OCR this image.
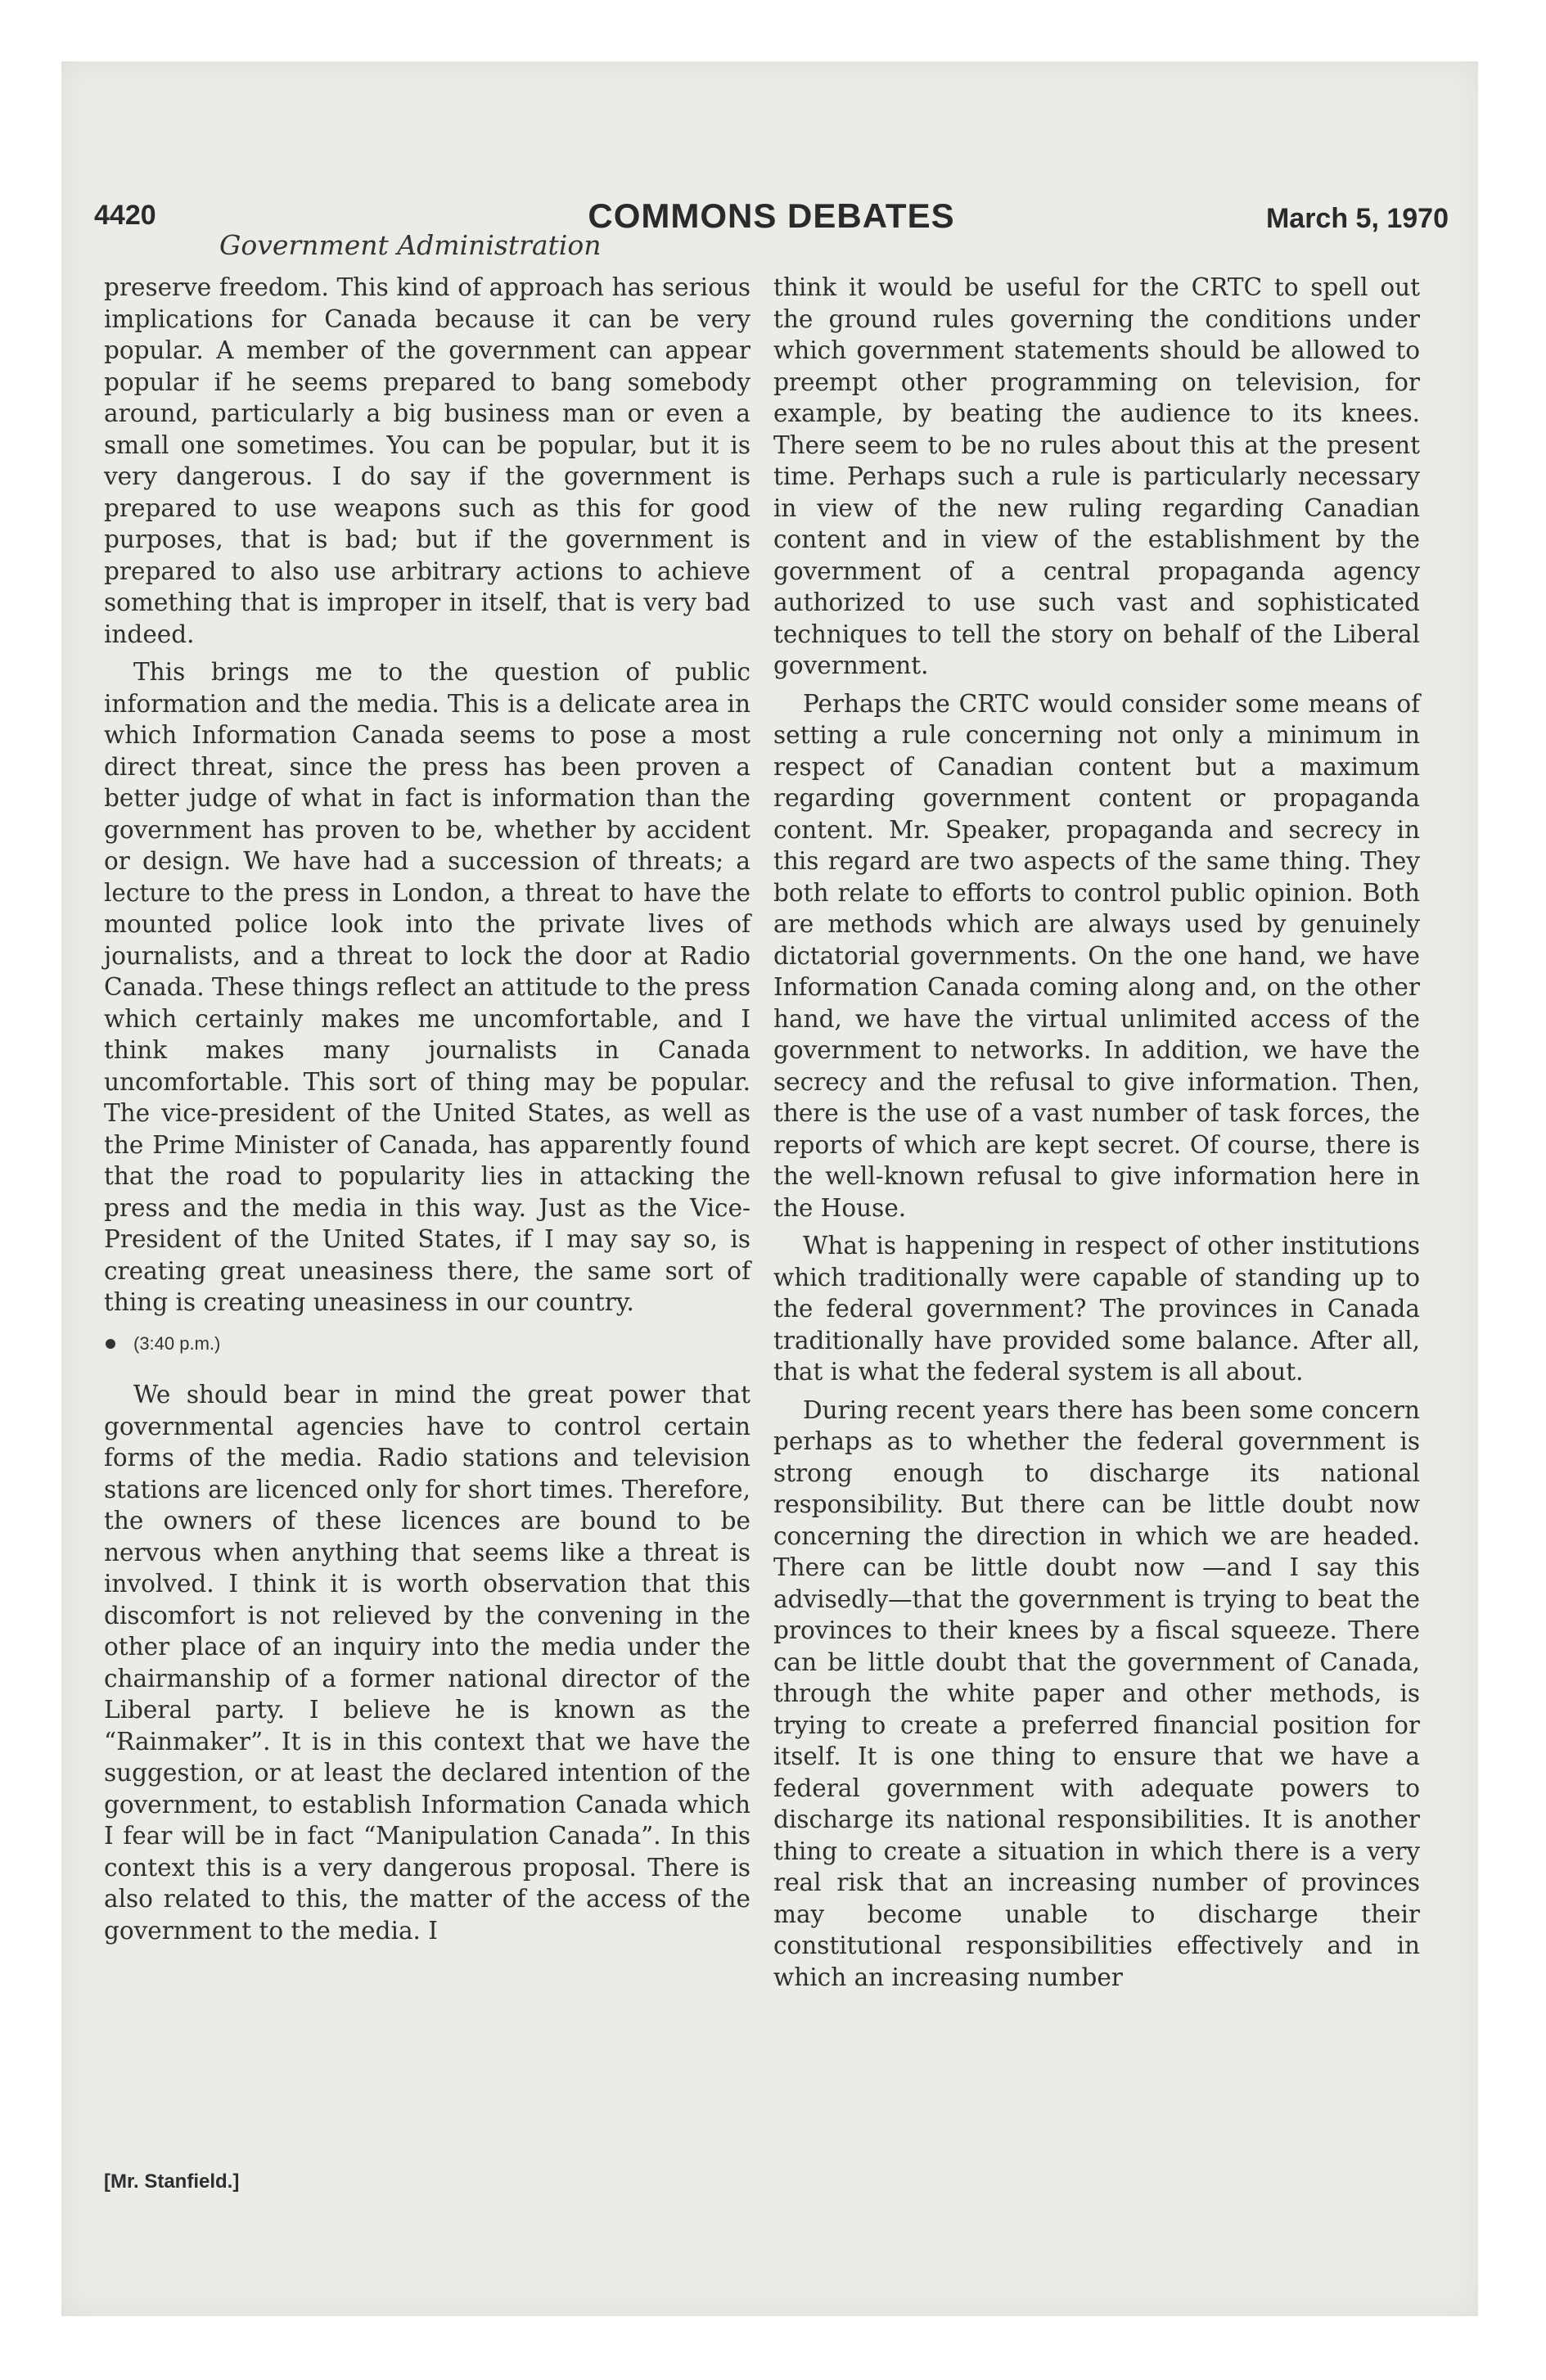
4420	COMMONS DEBATES	March 5, 1970
Government Administration

preserve freedom. This kind of approach has serious implications for Canada because it can be very popular. A member of the government can appear popular if he seems prepared to bang somebody around, particularly a big business man or even a small one sometimes. You can be popular, but it is very dangerous. I do say if the government is prepared to use weapons such as this for good purposes, that is bad; but if the government is prepared to also use arbitrary actions to achieve something that is improper in itself, that is very bad indeed.

This brings me to the question of public information and the media. This is a delicate area in which Information Canada seems to pose a most direct threat, since the press has been proven a better judge of what in fact is information than the government has proven to be, whether by accident or design. We have had a succession of threats; a lecture to the press in London, a threat to have the mounted police look into the private lives of journalists, and a threat to lock the door at Radio Canada. These things reflect an attitude to the press which certainly makes me uncomfortable, and I think makes many journalists in Canada uncomfortable. This sort of thing may be popular. The vice-president of the United States, as well as the Prime Minister of Canada, has apparently found that the road to popularity lies in attacking the press and the media in this way. Just as the Vice-President of the United States, if I may say so, is creating great uneasiness there, the same sort of thing is creating uneasiness in our country.

(3:40 p.m.)

We should bear in mind the great power that governmental agencies have to control certain forms of the media. Radio stations and television stations are licenced only for short times. Therefore, the owners of these licences are bound to be nervous when anything that seems like a threat is involved. I think it is worth observation that this discomfort is not relieved by the convening in the other place of an inquiry into the media under the chairmanship of a former national director of the Liberal party. I believe he is known as the “Rainmaker”. It is in this context that we have the suggestion, or at least the declared intention of the government, to establish Information Canada which I fear will be in fact “Manipulation Canada”. In this context this is a very dangerous proposal. There is also related to this, the matter of the access of the government to the media. I

think it would be useful for the CRTC to spell out the ground rules governing the conditions under which government statements should be allowed to preempt other programming on television, for example, by beating the audience to its knees. There seem to be no rules about this at the present time. Perhaps such a rule is particularly necessary in view of the new ruling regarding Canadian content and in view of the establishment by the government of a central propaganda agency authorized to use such vast and sophisticated techniques to tell the story on behalf of the Liberal government.

Perhaps the CRTC would consider some means of setting a rule concerning not only a minimum in respect of Canadian content but a maximum regarding government content or propaganda content. Mr. Speaker, propaganda and secrecy in this regard are two aspects of the same thing. They both relate to efforts to control public opinion. Both are methods which are always used by genuinely dictatorial governments. On the one hand, we have Information Canada coming along and, on the other hand, we have the virtual unlimited access of the government to networks. In addition, we have the secrecy and the refusal to give information. Then, there is the use of a vast number of task forces, the reports of which are kept secret. Of course, there is the well-known refusal to give information here in the House.

What is happening in respect of other institutions which traditionally were capable of standing up to the federal government? The provinces in Canada traditionally have provided some balance. After all, that is what the federal system is all about.

During recent years there has been some concern perhaps as to whether the federal government is strong enough to discharge its national responsibility. But there can be little doubt now concerning the direction in which we are headed. There can be little doubt now —and I say this advisedly—that the government is trying to beat the provinces to their knees by a fiscal squeeze. There can be little doubt that the government of Canada, through the white paper and other methods, is trying to create a preferred financial position for itself. It is one thing to ensure that we have a federal government with adequate powers to discharge its national responsibilities. It is another thing to create a situation in which there is a very real risk that an increasing number of provinces may become unable to discharge their constitutional responsibilities effectively and in which an increasing number

[Mr. Stanfield.]
